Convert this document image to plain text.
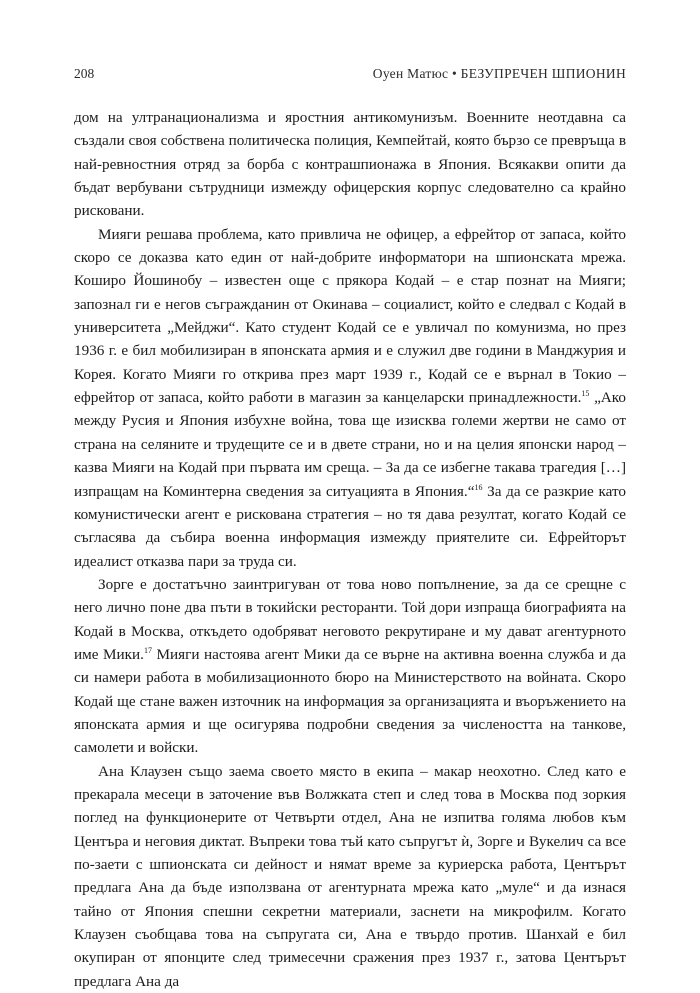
208	Оуен Матюс • БЕЗУПРЕЧЕН ШПИОНИН

дом на ултранационализма и яростния антикомунизъм. Военните неотдавна са създали своя собствена политическа полиция, Кемпейтай, която бързо се превръща в най-ревностния отряд за борба с контрашпионажа в Япония. Всякакви опити да бъдат вербувани сътрудници измежду офицерския корпус следователно са крайно рисковани.

Мияги решава проблема, като привлича не офицер, а ефрейтор от запаса, който скоро се доказва като един от най-добрите информатори на шпионската мрежа. Коширо Йошинобу – известен още с прякора Кодай – е стар познат на Мияги; запознал ги е негов съгражданин от Окинава – социалист, който е следвал с Кодай в университета „Мейджи“. Като студент Кодай се е увличал по комунизма, но през 1936 г. е бил мобилизиран в японската армия и е служил две години в Манджурия и Корея. Когато Мияги го открива през март 1939 г., Кодай се е върнал в Токио – ефрейтор от запаса, който работи в магазин за канцеларски принадлежности.$^{15}$ „Ако между Русия и Япония избухне война, това ще изисква големи жертви не само от страна на селяните и трудещите се и в двете страни, но и на целия японски народ – казва Мияги на Кодай при първата им среща. – За да се избегне такава трагедия […] изпращам на Коминтерна сведения за ситуацията в Япония.“$^{16}$ За да се разкрие като комунистически агент е рискована стратегия – но тя дава резултат, когато Кодай се съгласява да събира военна информация измежду приятелите си. Ефрейторът идеалист отказва пари за труда си.

Зорге е достатъчно заинтригуван от това ново попълнение, за да се срещне с него лично поне два пъти в токийски ресторанти. Той дори изпраща биографията на Кодай в Москва, откъдето одобряват неговото рекрутиране и му дават агентурното име Мики.$^{17}$ Мияги настоява агент Мики да се върне на активна военна служба и да си намери работа в мобилизационното бюро на Министерството на войната. Скоро Кодай ще стане важен източник на информация за организацията и въоръжението на японската армия и ще осигурява подробни сведения за числеността на танкове, самолети и войски.

Ана Клаузен също заема своето място в екипа – макар неохотно. След като е прекарала месеци в заточение във Волжката степ и след това в Москва под зоркия поглед на функционерите от Четвърти отдел, Ана не изпитва голяма любов към Центъра и неговия диктат. Въпреки това тъй като съпругът ѝ, Зорге и Вукелич са все по-заети с шпионската си дейност и нямат време за куриерска работа, Центърът предлага Ана да бъде използвана от агентурната мрежа като „муле“ и да изнася тайно от Япония спешни секретни материали, заснети на микрофилм. Когато Клаузен съобщава това на съпругата си, Ана е твърдо против. Шанхай е бил окупиран от японците след тримесечни сражения през 1937 г., затова Центърът предлага Ана да
